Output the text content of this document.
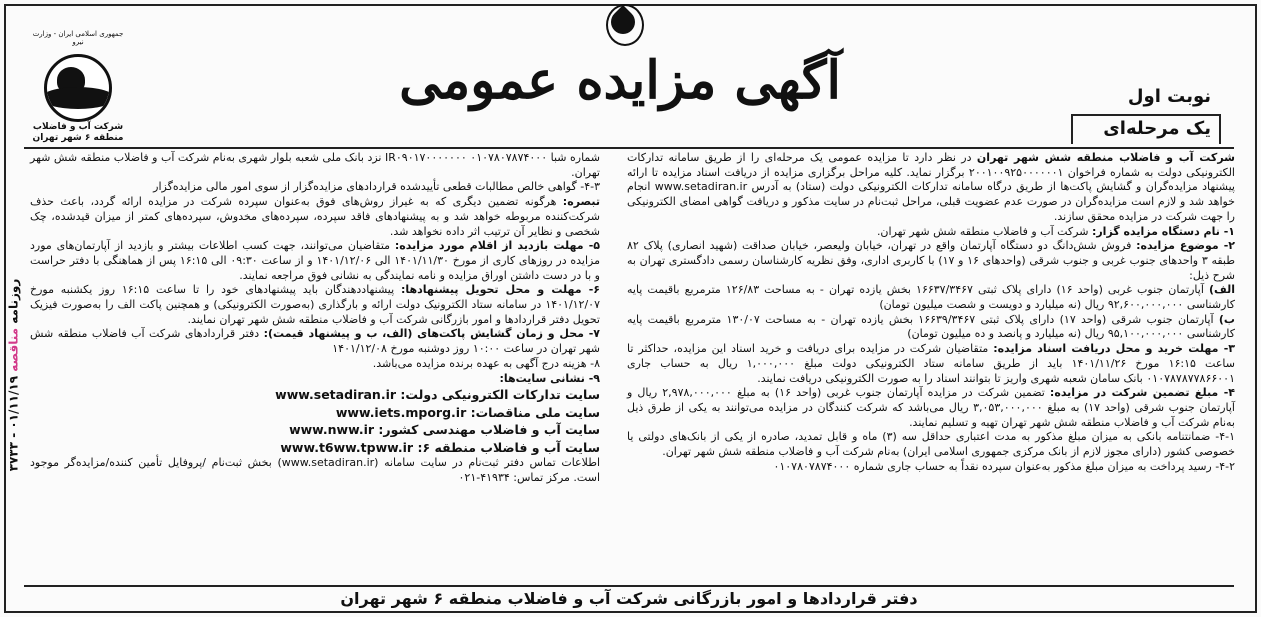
روزنامه مناقصه ۰۱/۱۱/۱۹ - ۳۷۳۳
جمهوری اسلامی ایران - وزارت نیرو
شرکت آب و فاضلاب
منطقه ۶ شهر تهران
آگهی مزایده عمومی	نوبت اول
یک مرحله‌ای

شرکت آب و فاضلاب منطقه شش شهر تهران در نظر دارد تا مزایده عمومی یک مرحله‌ای را از طریق سامانه تدارکات الکترونیکی دولت به شماره فراخوان ۲۰۰۱۰۰۹۲۵۰۰۰۰۰۰۱ برگزار نماید. کلیه مراحل برگزاری مزایده از دریافت اسناد مزایده تا ارائه پیشنهاد مزایده‌گران و گشایش پاکت‌ها از طریق درگاه سامانه تدارکات الکترونیکی دولت (ستاد) به آدرس www.setadiran.ir انجام خواهد شد و لازم است مزایده‌گران در صورت عدم عضویت قبلی، مراحل ثبت‌نام در سایت مذکور و دریافت گواهی امضای الکترونیکی را جهت شرکت در مزایده محقق سازند.

۱- نام دستگاه مزایده گزار: شرکت آب و فاضلاب منطقه شش شهر تهران.

۲- موضوع مزایده: فروش شش‌دانگ دو دستگاه آپارتمان واقع در تهران، خیابان ولیعصر، خیابان صداقت (شهید انصاری) پلاک ۸۲ طبقه ۳ واحدهای جنوب غربی و جنوب شرقی (واحدهای ۱۶ و ۱۷) با کاربری اداری، وفق نظریه کارشناسان رسمی دادگستری تهران به شرح ذیل:

الف) آپارتمان جنوب غربی (واحد ۱۶) دارای پلاک ثبتی ۱۶۶۳۷/۳۴۶۷ بخش یازده تهران - به مساحت ۱۲۶/۸۳ مترمربع باقیمت پایه کارشناسی ۹۲,۶۰۰,۰۰۰,۰۰۰ ریال (نه میلیارد و دویست و شصت میلیون تومان)

ب) آپارتمان جنوب شرقی (واحد ۱۷) دارای پلاک ثبتی ۱۶۶۳۹/۳۴۶۷ بخش یازده تهران - به مساحت ۱۳۰/۰۷ مترمربع باقیمت پایه کارشناسی ۹۵,۱۰۰,۰۰۰,۰۰۰ ریال (نه میلیارد و پانصد و ده میلیون تومان)

۳- مهلت خرید و محل دریافت اسناد مزایده: متقاضیان شرکت در مزایده برای دریافت و خرید اسناد این مزایده، حداکثر تا ساعت ۱۶:۱۵ مورخ ۱۴۰۱/۱۱/۲۶ باید از طریق سامانه ستاد الکترونیکی دولت مبلغ ۱,۰۰۰,۰۰۰ ریال به حساب جاری ۰۱۰۷۸۷۸۷۷۸۶۶۰۰۱ بانک سامان شعبه شهری واریز تا بتوانند اسناد را به صورت الکترونیکی دریافت نمایند.

۴- مبلغ تضمین شرکت در مزایده: تضمین شرکت در مزایده آپارتمان جنوب غربی (واحد ۱۶) به مبلغ ۲,۹۷۸,۰۰۰,۰۰۰ ریال و آپارتمان جنوب شرقی (واحد ۱۷) به مبلغ ۳,۰۵۳,۰۰۰,۰۰۰ ریال می‌باشد که شرکت کنندگان در مزایده می‌توانند به یکی از طرق ذیل به‌نام شرکت آب و فاضلاب منطقه شش شهر تهران تهیه و تسلیم نمایند.

۴-۱- ضمانتنامه بانکی به میزان مبلغ مذکور به مدت اعتباری حداقل سه (۳) ماه و قابل تمدید، صادره از یکی از بانک‌های دولتی یا خصوصی کشور (دارای مجوز لازم از بانک مرکزی جمهوری اسلامی ایران) به‌نام شرکت آب و فاضلاب منطقه شش شهر تهران.

۴-۲- رسید پرداخت به میزان مبلغ مذکور به‌عنوان سپرده نقداً به حساب جاری شماره ۰۱۰۷۸۰۷۸۷۴۰۰۰

شماره شبا ۰۱۰۷۸۰۷۸۷۴۰۰۰ IR۰۹۰۱۷۰۰۰۰۰۰۰ نزد بانک ملی شعبه بلوار شهری به‌نام شرکت آب و فاضلاب منطقه شش شهر تهران.

۴-۳- گواهی خالص مطالبات قطعی تأییدشده قراردادهای مزایده‌گزار از سوی امور مالی مزایده‌گزار

تبصره: هرگونه تضمین دیگری که به غیراز روش‌های فوق به‌عنوان سپرده شرکت در مزایده ارائه گردد، باعث حذف شرکت‌کننده مربوطه خواهد شد و به پیشنهادهای فاقد سپرده، سپرده‌های مخدوش، سپرده‌های کمتر از میزان قیدشده، چک شخصی و نظایر آن ترتیب اثر داده نخواهد شد.

۵- مهلت بازدید از اقلام مورد مزایده: متقاضیان می‌توانند، جهت کسب اطلاعات بیشتر و بازدید از آپارتمان‌های مورد مزایده در روزهای کاری از مورخ ۱۴۰۱/۱۱/۳۰ الی ۱۴۰۱/۱۲/۰۶ و از ساعت ۰۹:۳۰ الی ۱۶:۱۵ پس از هماهنگی با دفتر حراست و با در دست داشتن اوراق مزایده و نامه نمایندگی به نشانی فوق مراجعه نمایند.

۶- مهلت و محل تحویل پیشنهادها: پیشنهاددهندگان باید پیشنهادهای خود را تا ساعت ۱۶:۱۵ روز یکشنبه مورخ ۱۴۰۱/۱۲/۰۷ در سامانه ستاد الکترونیک دولت ارائه و بارگذاری (به‌صورت الکترونیکی) و همچنین پاکت الف را به‌صورت فیزیک تحویل دفتر قراردادها و امور بازرگانی شرکت آب و فاضلاب منطقه شش شهر تهران نمایند.

۷- محل و زمان گشایش پاکت‌های (الف، ب و پیشنهاد قیمت): دفتر قراردادهای شرکت آب فاضلاب منطقه شش شهر تهران در ساعت ۱۰:۰۰ روز دوشنبه مورخ ۱۴۰۱/۱۲/۰۸

۸- هزینه درج آگهی به عهده برنده مزایده می‌باشد.

۹- نشانی سایت‌ها:

سایت تدارکات الکترونیکی دولت: www.setadiran.ir
سایت ملی مناقصات: www.iets.mporg.ir
سایت آب و فاضلاب مهندسی کشور: www.nww.ir
سایت آب و فاضلاب منطقه ۶: www.t6ww.tpww.ir

اطلاعات تماس دفتر ثبت‌نام در سایت سامانه (www.setadiran.ir) بخش ثبت‌نام /پروفایل تأمین کننده/مزایده‌گر موجود است. مرکز تماس: ۴۱۹۳۴-۰۲۱

دفتر قراردادها و امور بازرگانی شرکت آب و فاضلاب منطقه ۶ شهر تهران
